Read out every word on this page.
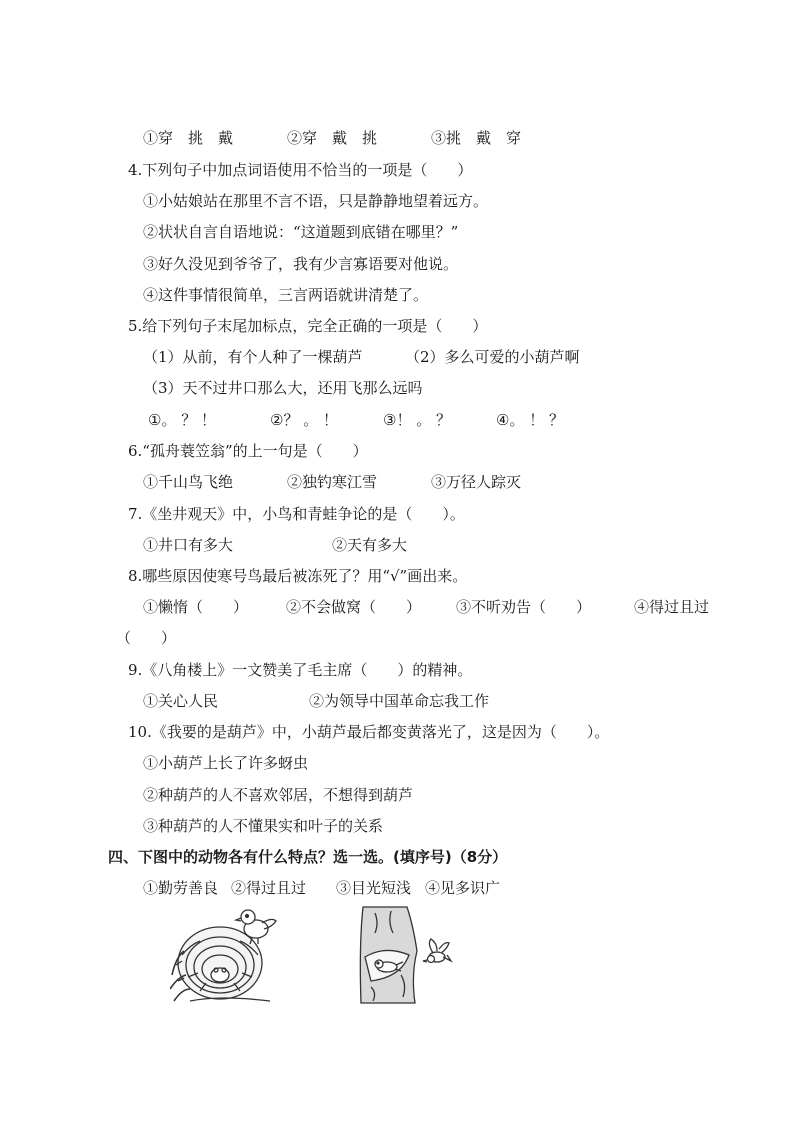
①穿　挑　戴	②穿　戴　挑	③挑　戴　穿
4.下列句子中加点词语使用不恰当的一项是（　　）
①小姑娘站在那里不言不语，只是静静地望着远方。
②状状自言自语地说：“这道题到底错在哪里？”
③好久没见到爷爷了，我有少言寡语要对他说。
④这件事情很简单，三言两语就讲清楚了。
5.给下列句子末尾加标点，完全正确的一项是（　　）
（1）从前，有个人种了一棵葫芦	（2）多么可爱的小葫芦啊
（3）天不过井口那么大，还用飞那么远吗
①。 ？ ！	②？ 。 ！	③！ 。 ？	④。 ！ ？
6.“孤舟蓑笠翁”的上一句是（　　）
①千山鸟飞绝	②独钓寒江雪	③万径人踪灭
7.《坐井观天》中，小鸟和青蛙争论的是（　　）。
①井口有多大	②天有多大
8.哪些原因使寒号鸟最后被冻死了？用“√”画出来。
①懒惰（　　）	②不会做窝（　　） ③不听劝告（　　）	④得过且过
（　　）
9.《八角楼上》一文赞美了毛主席（　　）的精神。
①关心人民	②为领导中国革命忘我工作
10.《我要的是葫芦》中，小葫芦最后都变黄落光了，这是因为（　　）。
①小葫芦上长了许多蚜虫
②种葫芦的人不喜欢邻居，不想得到葫芦
③种葫芦的人不懂果实和叶子的关系
四、下图中的动物各有什么特点？选一选。(填序号)（8分）
①勤劳善良 ②得过且过 ③目光短浅 ④见多识广
